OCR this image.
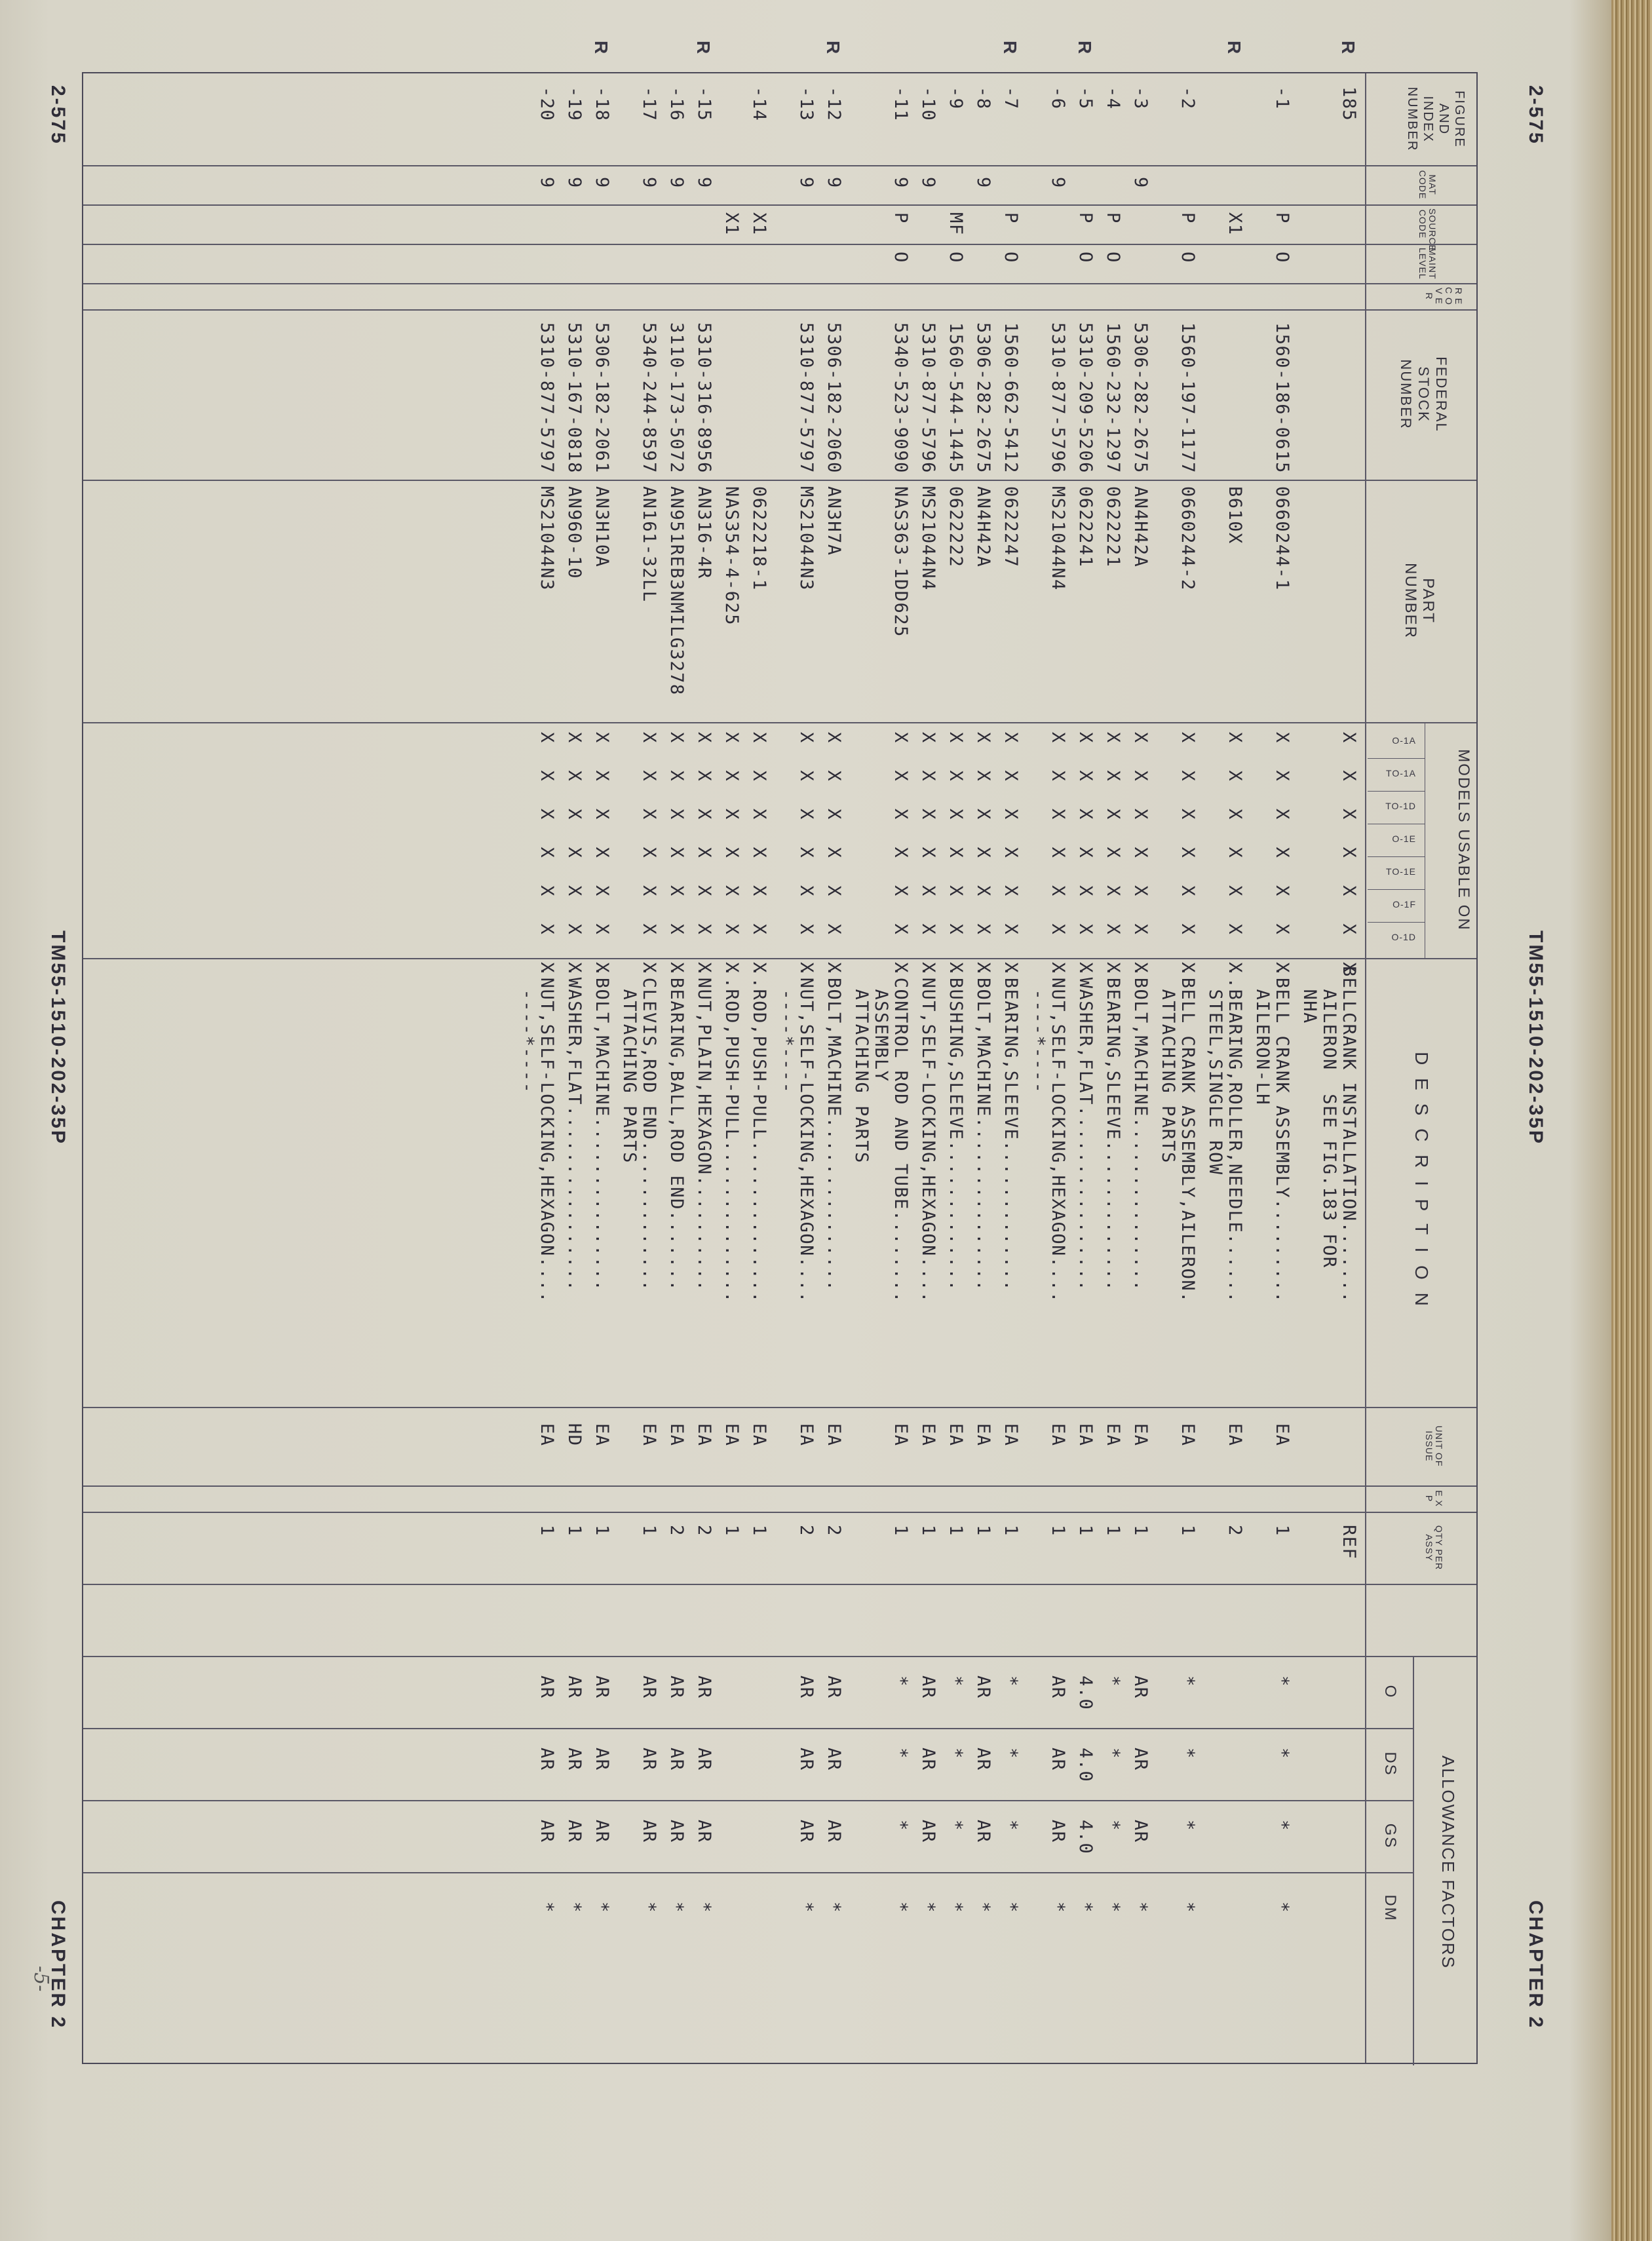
2-575
TM55-1510-202-35P
CHAPTER 2
FIGURE AND INDEX NUMBER
MAT CODE
SOURCE CODE
MAINT LEVEL
R E C O V E R
FEDERAL STOCK NUMBER
PART NUMBER
MODELS USABLE ON
O-1A
TO-1A
TO-1D
O-1E
TO-1E
O-1F
O-1D
D E S C R I P T I O N
UNIT OF ISSUE
E X P
QTY PER ASSY
ALLOWANCE FACTORS
O
DS
GS
DM
R
185
X X X X X X X
BELLCRANK INSTALLATION.......
AILERON  SEE FIG.183 FOR
NHA
REF
-1
P
O
1560-186-0615
0660244-1
X X X X X X X
.BELL CRANK ASSEMBLY.........
AILERON-LH
EA
1
*
*
*
*
R
X1
B610X
X X X X X X X
..BEARING,ROLLER,NEEDLE......
STEEL,SINGLE ROW
EA
2
-2
P
O
1560-197-1177
0660244-2
X X X X X X X
.BELL CRANK ASSEMBLY,AILERON.
ATTACHING PARTS
EA
1
*
*
*
*
-3
9
5306-282-2675
AN4H42A
X X X X X X X
.BOLT,MACHINE...............
EA
1
AR
AR
AR
*
-4
P
O
1560-232-1297
0622221
X X X X X X X
.BEARING,SLEEVE.............
EA
1
*
*
*
*
R
-5
P
O
5310-209-5206
0622241
X X X X X X X
.WASHER,FLAT................
EA
1
4.0
4.0
4.0
*
-6
9
5310-877-5796
MS21044N4
X X X X X X X
.NUT,SELF-LOCKING,HEXAGON....
----*----
EA
1
AR
AR
AR
*
R
-7
P
O
1560-662-5412
0622247
X X X X X X X
.BEARING,SLEEVE.............
EA
1
*
*
*
*
-8
9
5306-282-2675
AN4H42A
X X X X X X X
.BOLT,MACHINE...............
EA
1
AR
AR
AR
*
-9
MF
O
1560-544-1445
0622222
X X X X X X X
.BUSHING,SLEEVE.............
EA
1
*
*
*
*
-10
9
5310-877-5796
MS21044N4
X X X X X X X
.NUT,SELF-LOCKING,HEXAGON....
EA
1
AR
AR
AR
*
-11
9
P
O
5340-523-9090
NAS363-1DD625
X X X X X X X
.CONTROL ROD AND TUBE........
ASSEMBLY
ATTACHING PARTS
EA
1
*
*
*
*
R
-12
9
5306-182-2060
AN3H7A
X X X X X X X
.BOLT,MACHINE...............
EA
2
AR
AR
AR
*
-13
9
5310-877-5797
MS21044N3
X X X X X X X
.NUT,SELF-LOCKING,HEXAGON....
----*----
EA
2
AR
AR
AR
*
-14
X1
0622218-1
X X X X X X X
..ROD,PUSH-PULL..............
EA
1
X1
NAS354-4-625
X X X X X X X
..ROD,PUSH-PULL..............
EA
1
R
-15
9
5310-316-8956
AN316-4R
X X X X X X X
.NUT,PLAIN,HEXAGON..........
EA
2
AR
AR
AR
*
-16
9
3110-173-5072
AN951REB3NMILG3278
X X X X X X X
.BEARING,BALL,ROD END.......
EA
2
AR
AR
AR
*
-17
9
5340-244-8597
AN161-32LL
X X X X X X X
.CLEVIS,ROD END.............
ATTACHING PARTS
EA
1
AR
AR
AR
*
R
-18
9
5306-182-2061
AN3H10A
X X X X X X X
.BOLT,MACHINE...............
EA
1
AR
AR
AR
*
-19
9
5310-167-0818
AN960-10
X X X X X X X
.WASHER,FLAT................
HD
1
AR
AR
AR
*
-20
9
5310-877-5797
MS21044N3
X X X X X X X
.NUT,SELF-LOCKING,HEXAGON....
----*----
EA
1
AR
AR
AR
*
2-575
TM55-1510-202-35P
CHAPTER 2
-5-
